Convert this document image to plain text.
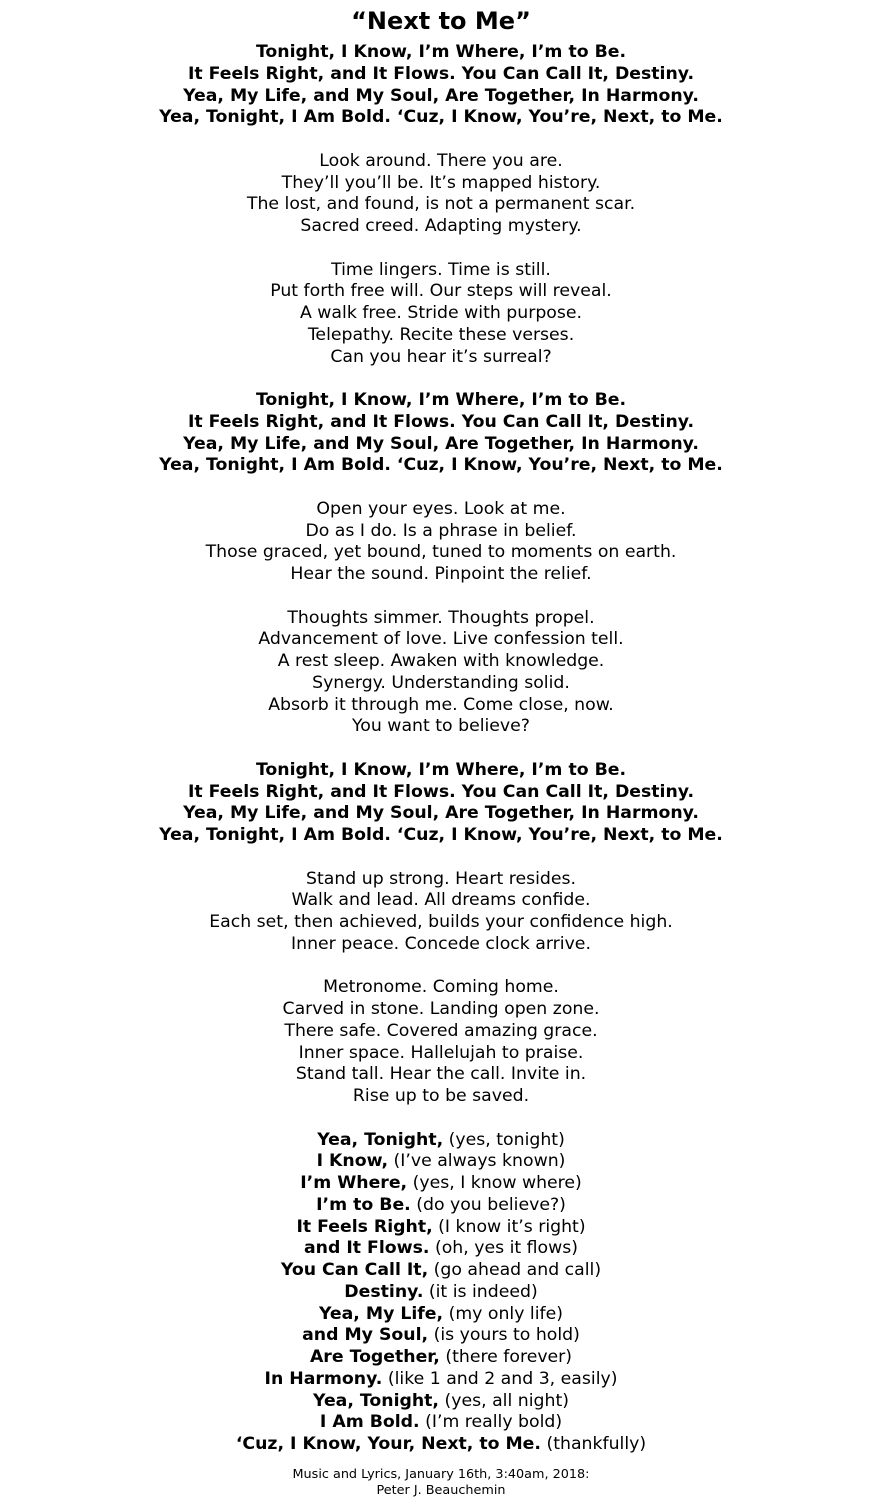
“Next to Me”
Tonight, I Know, I’m Where, I’m to Be.
It Feels Right, and It Flows. You Can Call It, Destiny.
Yea, My Life, and My Soul, Are Together, In Harmony.
Yea, Tonight, I Am Bold. ‘Cuz, I Know, You’re, Next, to Me.
Look around. There you are.
They’ll you’ll be. It’s mapped history.
The lost, and found, is not a permanent scar.
Sacred creed. Adapting mystery.
Time lingers. Time is still.
Put forth free will. Our steps will reveal.
A walk free. Stride with purpose.
Telepathy. Recite these verses.
Can you hear it’s surreal?
Tonight, I Know, I’m Where, I’m to Be.
It Feels Right, and It Flows. You Can Call It, Destiny.
Yea, My Life, and My Soul, Are Together, In Harmony.
Yea, Tonight, I Am Bold. ‘Cuz, I Know, You’re, Next, to Me.
Open your eyes. Look at me.
Do as I do. Is a phrase in belief.
Those graced, yet bound, tuned to moments on earth.
Hear the sound. Pinpoint the relief.
Thoughts simmer. Thoughts propel.
Advancement of love. Live confession tell.
A rest sleep. Awaken with knowledge.
Synergy. Understanding solid.
Absorb it through me. Come close, now.
You want to believe?
Tonight, I Know, I’m Where, I’m to Be.
It Feels Right, and It Flows. You Can Call It, Destiny.
Yea, My Life, and My Soul, Are Together, In Harmony.
Yea, Tonight, I Am Bold. ‘Cuz, I Know, You’re, Next, to Me.
Stand up strong. Heart resides.
Walk and lead. All dreams confide.
Each set, then achieved, builds your confidence high.
Inner peace. Concede clock arrive.
Metronome. Coming home.
Carved in stone. Landing open zone.
There safe. Covered amazing grace.
Inner space. Hallelujah to praise.
Stand tall. Hear the call. Invite in.
Rise up to be saved.
Yea, Tonight, (yes, tonight)
I Know, (I’ve always known)
I’m Where, (yes, I know where)
I’m to Be. (do you believe?)
It Feels Right, (I know it’s right)
and It Flows. (oh, yes it flows)
You Can Call It, (go ahead and call)
Destiny. (it is indeed)
Yea, My Life, (my only life)
and My Soul, (is yours to hold)
Are Together, (there forever)
In Harmony. (like 1 and 2 and 3, easily)
Yea, Tonight, (yes, all night)
I Am Bold. (I’m really bold)
‘Cuz, I Know, Your, Next, to Me. (thankfully)
Music and Lyrics, January 16th, 3:40am, 2018:
Peter J. Beauchemin
